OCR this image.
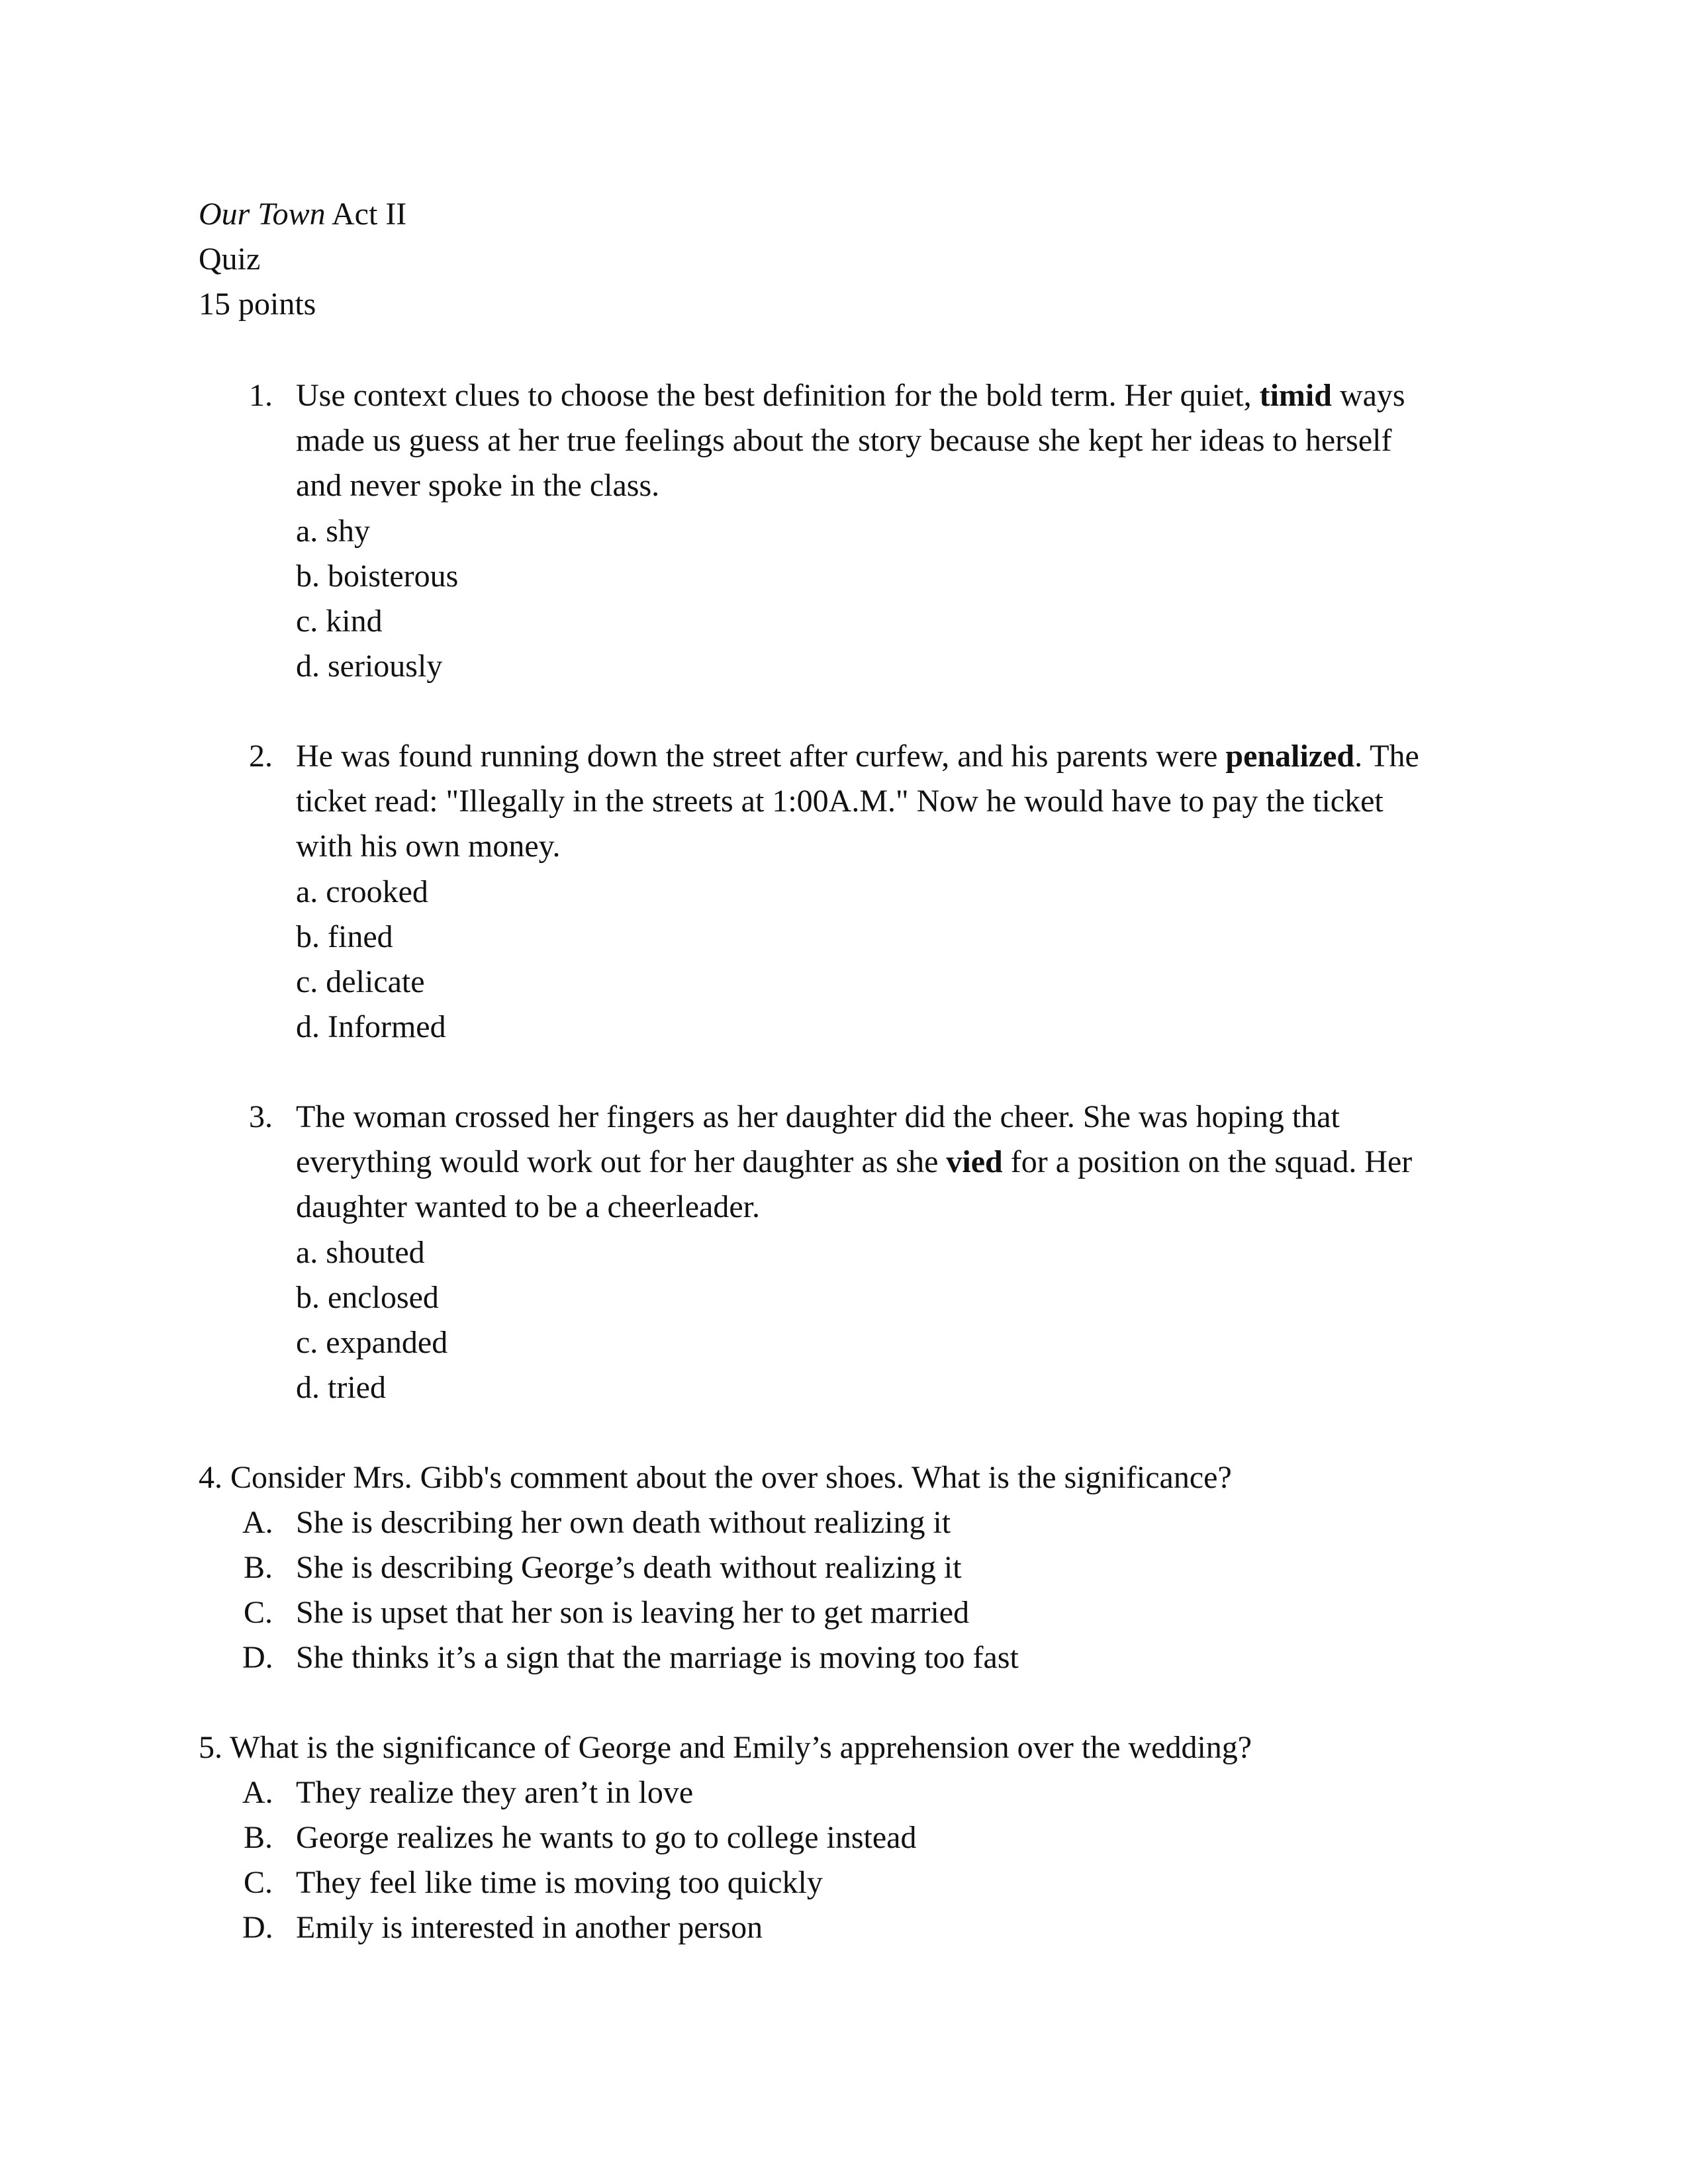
Our Town Act II
Quiz
15 points
1. Use context clues to choose the best definition for the bold term. Her quiet, timid ways
made us guess at her true feelings about the story because she kept her ideas to herself
and never spoke in the class.
a. shy
b. boisterous
c. kind
d. seriously
2. He was found running down the street after curfew, and his parents were penalized. The
ticket read: "Illegally in the streets at 1:00A.M." Now he would have to pay the ticket
with his own money.
a. crooked
b. fined
c. delicate
d. Informed
3. The woman crossed her fingers as her daughter did the cheer. She was hoping that
everything would work out for her daughter as she vied for a position on the squad. Her
daughter wanted to be a cheerleader.
a. shouted
b. enclosed
c. expanded
d. tried
4. Consider Mrs. Gibb's comment about the over shoes. What is the significance?
A. She is describing her own death without realizing it
B. She is describing George’s death without realizing it
C. She is upset that her son is leaving her to get married
D. She thinks it’s a sign that the marriage is moving too fast
5. What is the significance of George and Emily’s apprehension over the wedding?
A. They realize they aren’t in love
B. George realizes he wants to go to college instead
C. They feel like time is moving too quickly
D. Emily is interested in another person
